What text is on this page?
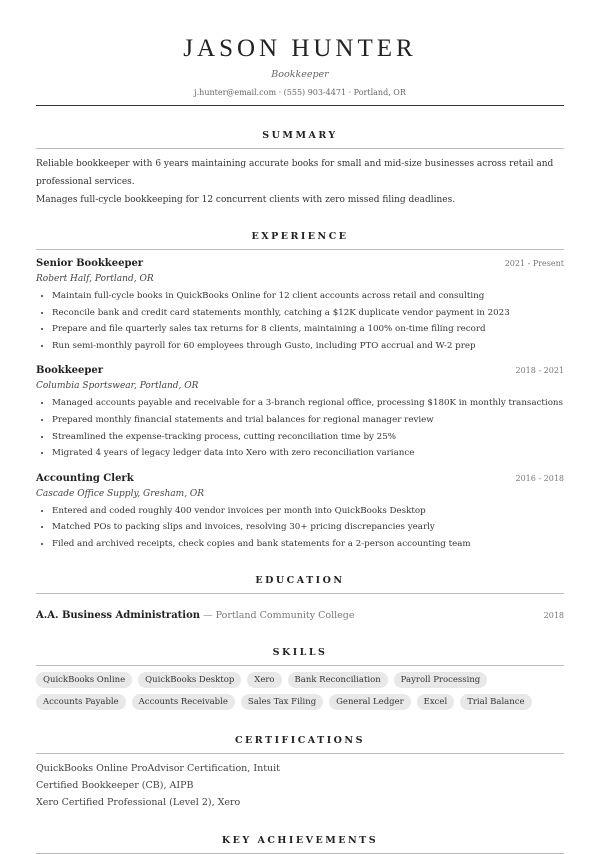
JASON HUNTER
Bookkeeper
j.hunter@email.com · (555) 903-4471 · Portland, OR
SUMMARY

Reliable bookkeeper with 6 years maintaining accurate books for small and mid-size businesses across retail and professional services.

Manages full-cycle bookkeeping for 12 concurrent clients with zero missed filing deadlines.

EXPERIENCE
Senior Bookkeeper	2021 - Present
Robert Half, Portland, OR
• Maintain full-cycle books in QuickBooks Online for 12 client accounts across retail and consulting
• Reconcile bank and credit card statements monthly, catching a $12K duplicate vendor payment in 2023
• Prepare and file quarterly sales tax returns for 8 clients, maintaining a 100% on-time filing record
• Run semi-monthly payroll for 60 employees through Gusto, including PTO accrual and W-2 prep
Bookkeeper	2018 - 2021
Columbia Sportswear, Portland, OR
• Managed accounts payable and receivable for a 3-branch regional office, processing $180K in monthly transactions
• Prepared monthly financial statements and trial balances for regional manager review
• Streamlined the expense-tracking process, cutting reconciliation time by 25%
• Migrated 4 years of legacy ledger data into Xero with zero reconciliation variance
Accounting Clerk	2016 - 2018
Cascade Office Supply, Gresham, OR
• Entered and coded roughly 400 vendor invoices per month into QuickBooks Desktop
• Matched POs to packing slips and invoices, resolving 30+ pricing discrepancies yearly
• Filed and archived receipts, check copies and bank statements for a 2-person accounting team
EDUCATION
A.A. Business Administration — Portland Community College	2018
SKILLS
QuickBooks Online	QuickBooks Desktop	Xero	Bank Reconciliation	Payroll Processing
Accounts Payable	Accounts Receivable	Sales Tax Filing	General Ledger	Excel	Trial Balance
CERTIFICATIONS
QuickBooks Online ProAdvisor Certification, Intuit
Certified Bookkeeper (CB), AIPB
Xero Certified Professional (Level 2), Xero
KEY ACHIEVEMENTS
